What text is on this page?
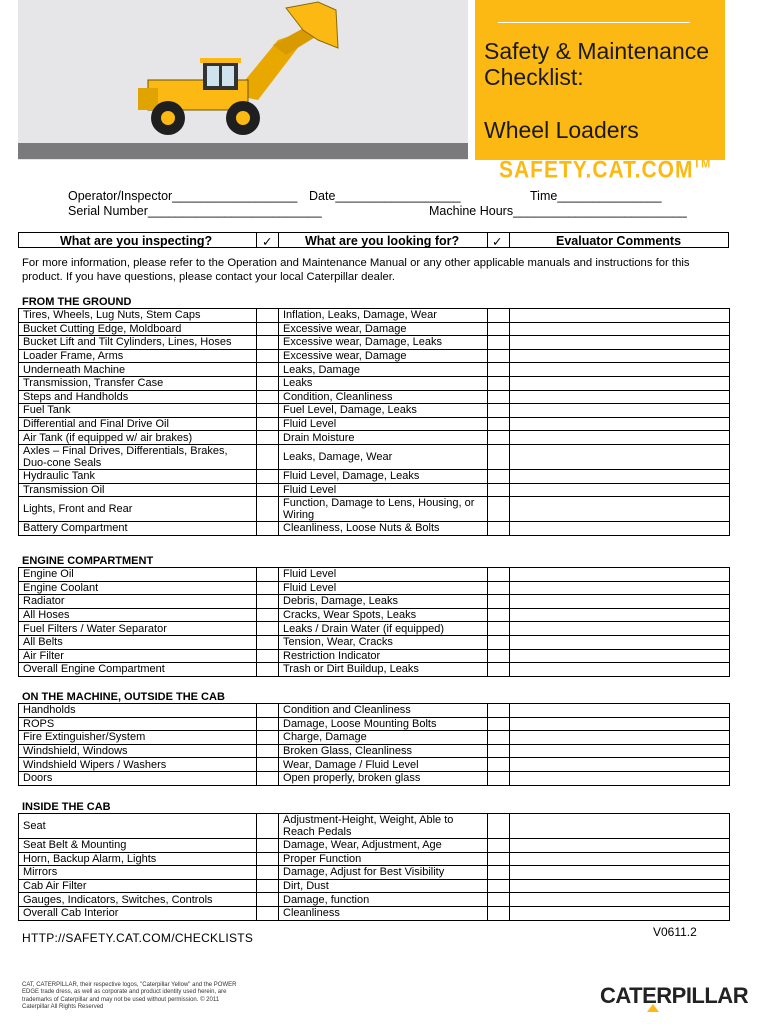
Safety & Maintenance
Checklist:
Wheel Loaders
SAFETY.CAT.COM™
Operator/Inspector__________________ Date__________________	Time_______________
Serial Number_________________________	Machine Hours_________________________
What are you inspecting?	✓	What are you looking for?	✓	Evaluator Comments
For more information, please refer to the Operation and Maintenance Manual or any other applicable manuals and instructions for this product. If you have questions, please contact your local Caterpillar dealer.
FROM THE GROUND
Tires, Wheels, Lug Nuts, Stem Caps		Inflation, Leaks, Damage, Wear		
Bucket Cutting Edge, Moldboard		Excessive wear, Damage		
Bucket Lift and Tilt Cylinders, Lines, Hoses		Excessive wear, Damage, Leaks		
Loader Frame, Arms		Excessive wear, Damage		
Underneath Machine		Leaks, Damage		
Transmission, Transfer Case		Leaks		
Steps and Handholds		Condition, Cleanliness		
Fuel Tank		Fuel Level, Damage, Leaks		
Differential and Final Drive Oil		Fluid Level		
Air Tank (if equipped w/ air brakes)		Drain Moisture		
Axles – Final Drives, Differentials, Brakes, Duo-cone Seals		Leaks, Damage, Wear		
Hydraulic Tank		Fluid Level, Damage, Leaks		
Transmission Oil		Fluid Level		
Lights, Front and Rear		Function, Damage to Lens, Housing, or Wiring		
Battery Compartment		Cleanliness, Loose Nuts & Bolts		
ENGINE COMPARTMENT
Engine Oil		Fluid Level		
Engine Coolant		Fluid Level		
Radiator		Debris, Damage, Leaks		
All Hoses		Cracks, Wear Spots, Leaks		
Fuel Filters / Water Separator		Leaks / Drain Water (if equipped)		
All Belts		Tension, Wear, Cracks		
Air Filter		Restriction Indicator		
Overall Engine Compartment		Trash or Dirt Buildup, Leaks		
ON THE MACHINE, OUTSIDE THE CAB
Handholds		Condition and Cleanliness		
ROPS		Damage, Loose Mounting Bolts		
Fire Extinguisher/System		Charge, Damage		
Windshield, Windows		Broken Glass, Cleanliness		
Windshield Wipers / Washers		Wear, Damage / Fluid Level		
Doors		Open properly, broken glass		
INSIDE THE CAB
Seat		Adjustment-Height, Weight, Able to Reach Pedals		
Seat Belt & Mounting		Damage, Wear, Adjustment, Age		
Horn, Backup Alarm, Lights		Proper Function		
Mirrors		Damage, Adjust for Best Visibility		
Cab Air Filter		Dirt, Dust		
Gauges, Indicators, Switches, Controls		Damage, function		
Overall Cab Interior		Cleanliness		
HTTP://SAFETY.CAT.COM/CHECKLISTS	V0611.2
CAT, CATERPILLAR, their respective logos, "Caterpillar Yellow" and the POWER EDGE trade dress, as well as corporate and product identity used herein, are trademarks of Caterpillar and may not be used without permission. © 2011 Caterpillar All Rights Reserved	CATERPILLAR
